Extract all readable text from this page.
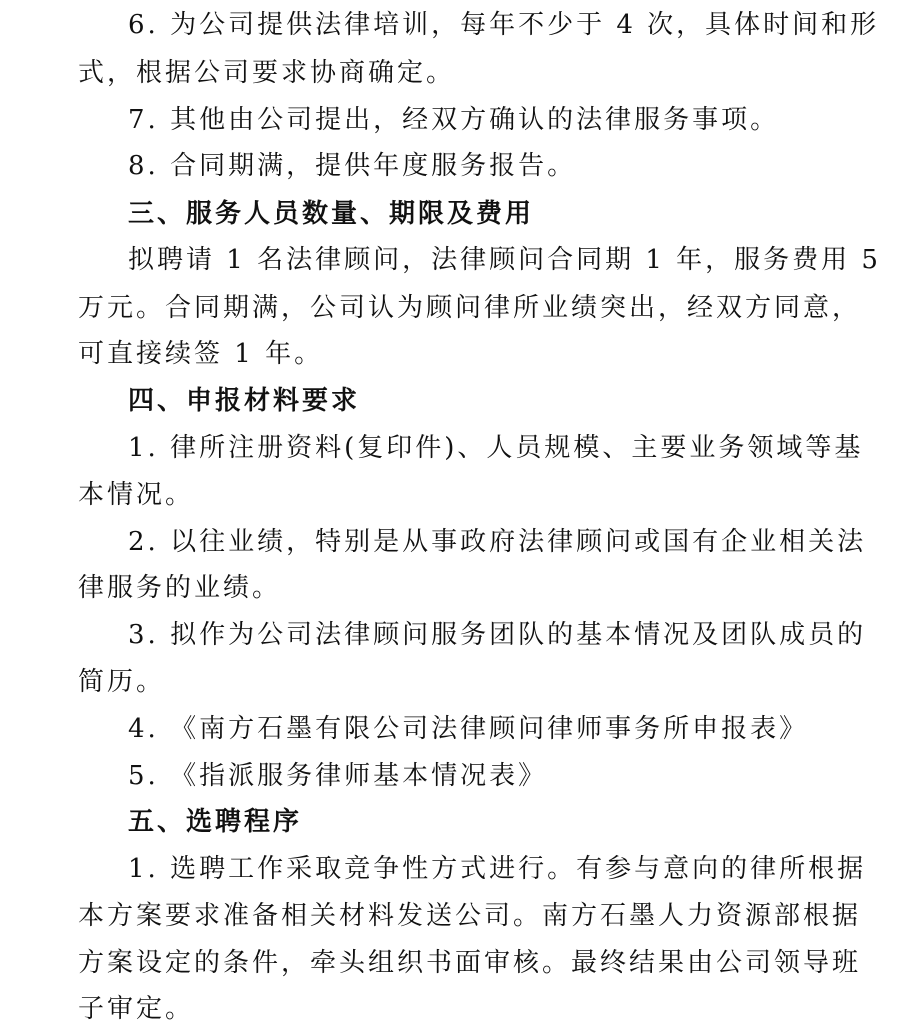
6. 为公司提供法律培训，每年不少于 4 次，具体时间和形
式，根据公司要求协商确定。
7. 其他由公司提出，经双方确认的法律服务事项。
8. 合同期满，提供年度服务报告。
三、服务人员数量、期限及费用
拟聘请 1 名法律顾问，法律顾问合同期 1 年，服务费用 5
万元。合同期满，公司认为顾问律所业绩突出，经双方同意，
可直接续签 1 年。
四、申报材料要求
1. 律所注册资料(复印件)、人员规模、主要业务领域等基
本情况。
2. 以往业绩，特别是从事政府法律顾问或国有企业相关法
律服务的业绩。
3. 拟作为公司法律顾问服务团队的基本情况及团队成员的
简历。
4. 《南方石墨有限公司法律顾问律师事务所申报表》
5. 《指派服务律师基本情况表》
五、选聘程序
1. 选聘工作采取竞争性方式进行。有参与意向的律所根据
本方案要求准备相关材料发送公司。南方石墨人力资源部根据
方案设定的条件，牵头组织书面审核。最终结果由公司领导班
子审定。
